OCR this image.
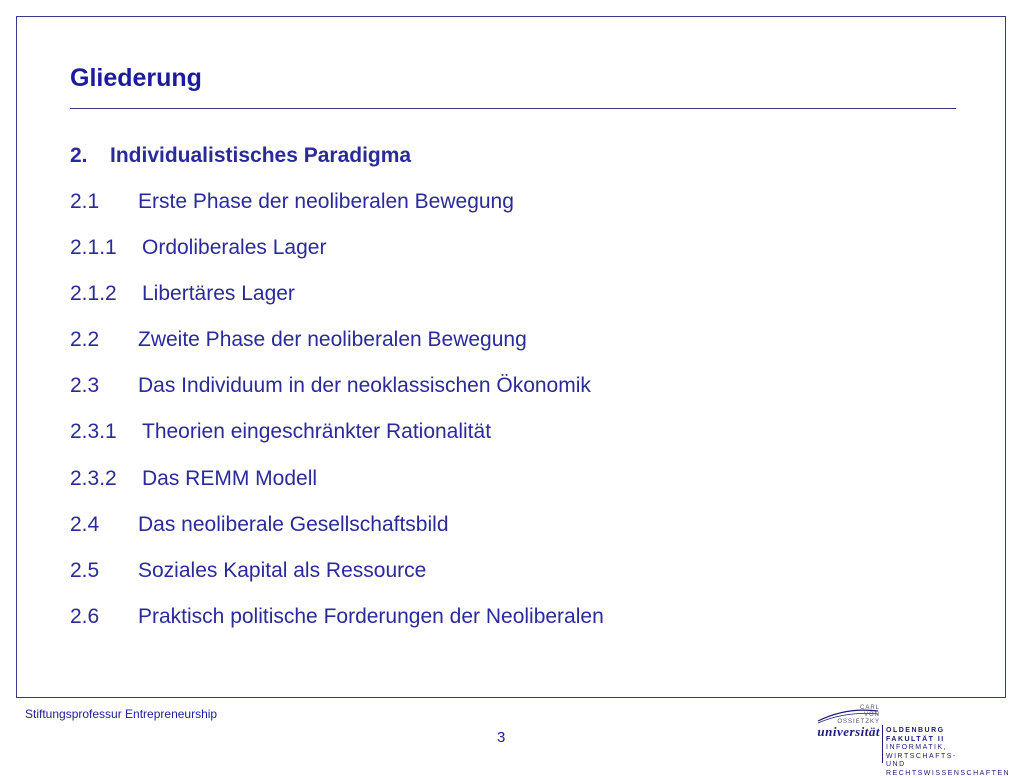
Gliederung
2. Individualistisches Paradigma
2.1 Erste Phase der neoliberalen Bewegung
2.1.1 Ordoliberales Lager
2.1.2 Libertäres Lager
2.2 Zweite Phase der neoliberalen Bewegung
2.3 Das Individuum in der neoklassischen Ökonomik
2.3.1 Theorien eingeschränkter Rationalität
2.3.2 Das REMM Modell
2.4 Das neoliberale Gesellschaftsbild
2.5 Soziales Kapital als Ressource
2.6 Praktisch politische Forderungen der Neoliberalen
Stiftungsprofessur Entrepreneurship
3
CARL
VON
OSSIETZKY
universität OLDENBURG
FAKULTÄT II
INFORMATIK, WIRTSCHAFTS-
UND RECHTSWISSENSCHAFTEN
